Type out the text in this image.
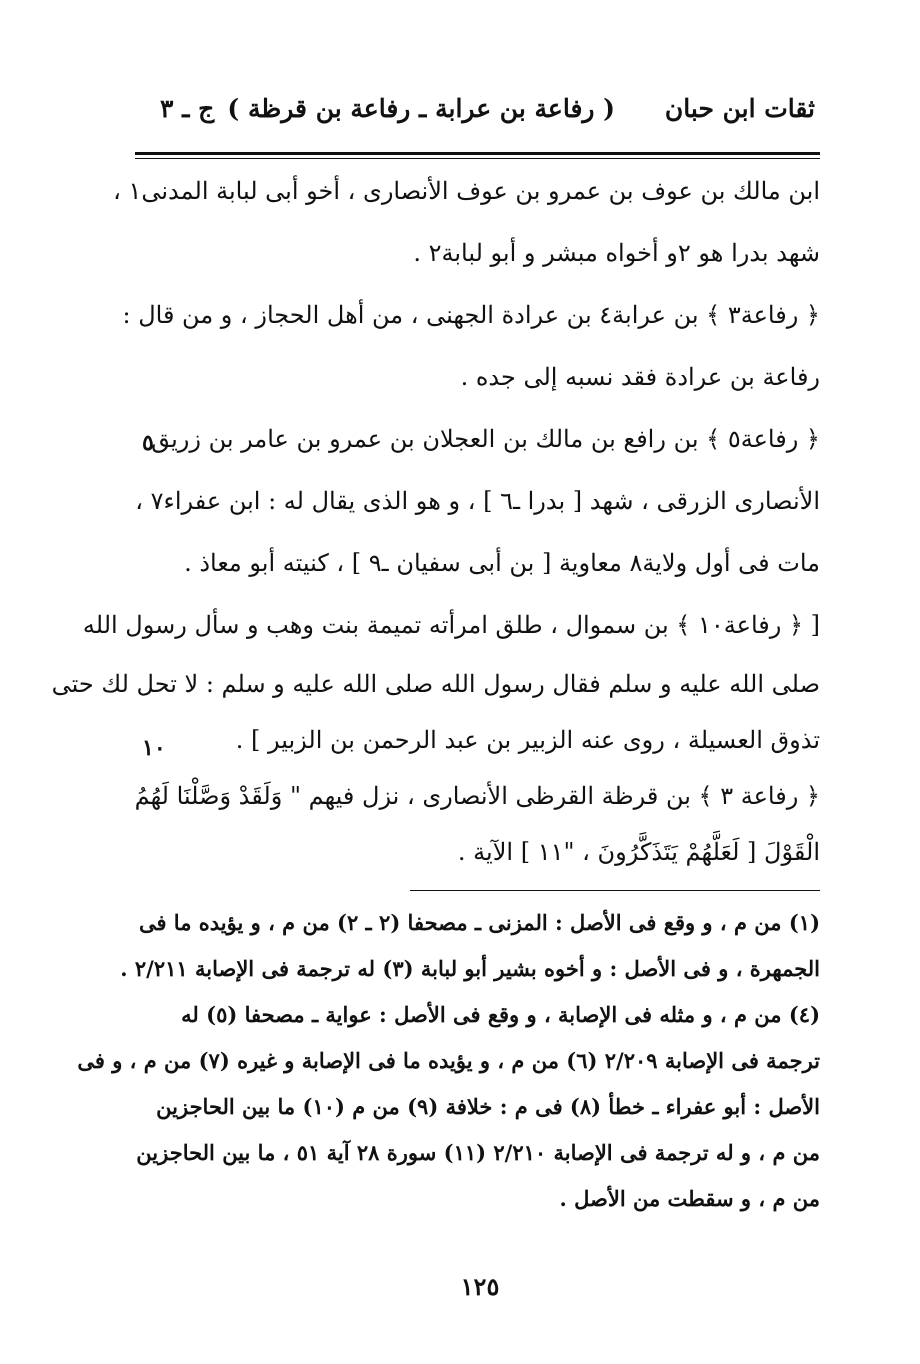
ثقات ابن حبان
( رفاعة بن عرابة ـ رفاعة بن قرظة )
ج ـ ٣
ابن مالك بن عوف بن عمرو بن عوف الأنصارى ، أخو أبى لبابة المدنى١ ،
شهد بدرا هو ٢و أخواه مبشر و أبو لبابة٢ .
﴿ رفاعة٣ ﴾ بن عرابة٤ بن عرادة الجهنى ، من أهل الحجاز ، و من قال :
رفاعة بن عرادة فقد نسبه إلى جده .
﴿ رفاعة٥ ﴾ بن رافع بن مالك بن العجلان بن عمرو بن عامر بن زريق
الأنصارى الزرقى ، شهد [ بدرا ـ٦ ] ، و هو الذى يقال له : ابن عفراء٧ ،
مات فى أول ولاية٨ معاوية [ بن أبى سفيان ـ٩ ] ، كنيته أبو معاذ .
[ ﴿ رفاعة١٠ ﴾ بن سموال ، طلق امرأته تميمة بنت وهب و سأل رسول الله
صلى الله عليه و سلم فقال رسول الله صلى الله عليه و سلم : لا تحل لك حتى
تذوق العسيلة ، روى عنه الزبير بن عبد الرحمن بن الزبير ] .
﴿ رفاعة ٣ ﴾ بن قرظة القرظى الأنصارى ، نزل فيهم " وَلَقَدْ وَصَّلْنَا لَهُمُ
الْقَوْلَ [ لَعَلَّهُمْ يَتَذَكَّرُونَ ، "١١ ] الآية .
٥
١٠
(١) من م ، و وقع فى الأصل : المزنى ـ مصحفا (٢ ـ ٢) من م ، و يؤيده ما فى
الجمهرة ، و فى الأصل : و أخوه بشير أبو لبابة (٣) له ترجمة فى الإصابة ٢/٢١١ .
(٤) من م ، و مثله فى الإصابة ، و وقع فى الأصل : عواية ـ مصحفا (٥) له
ترجمة فى الإصابة ٢/٢٠٩ (٦) من م ، و يؤيده ما فى الإصابة و غيره (٧) من م ، و فى
الأصل : أبو عفراء ـ خطأ (٨) فى م : خلافة (٩) من م (١٠) ما بين الحاجزين
من م ، و له ترجمة فى الإصابة ٢/٢١٠ (١١) سورة ٢٨ آية ٥١ ، ما بين الحاجزين
من م ، و سقطت من الأصل .
١٢٥
